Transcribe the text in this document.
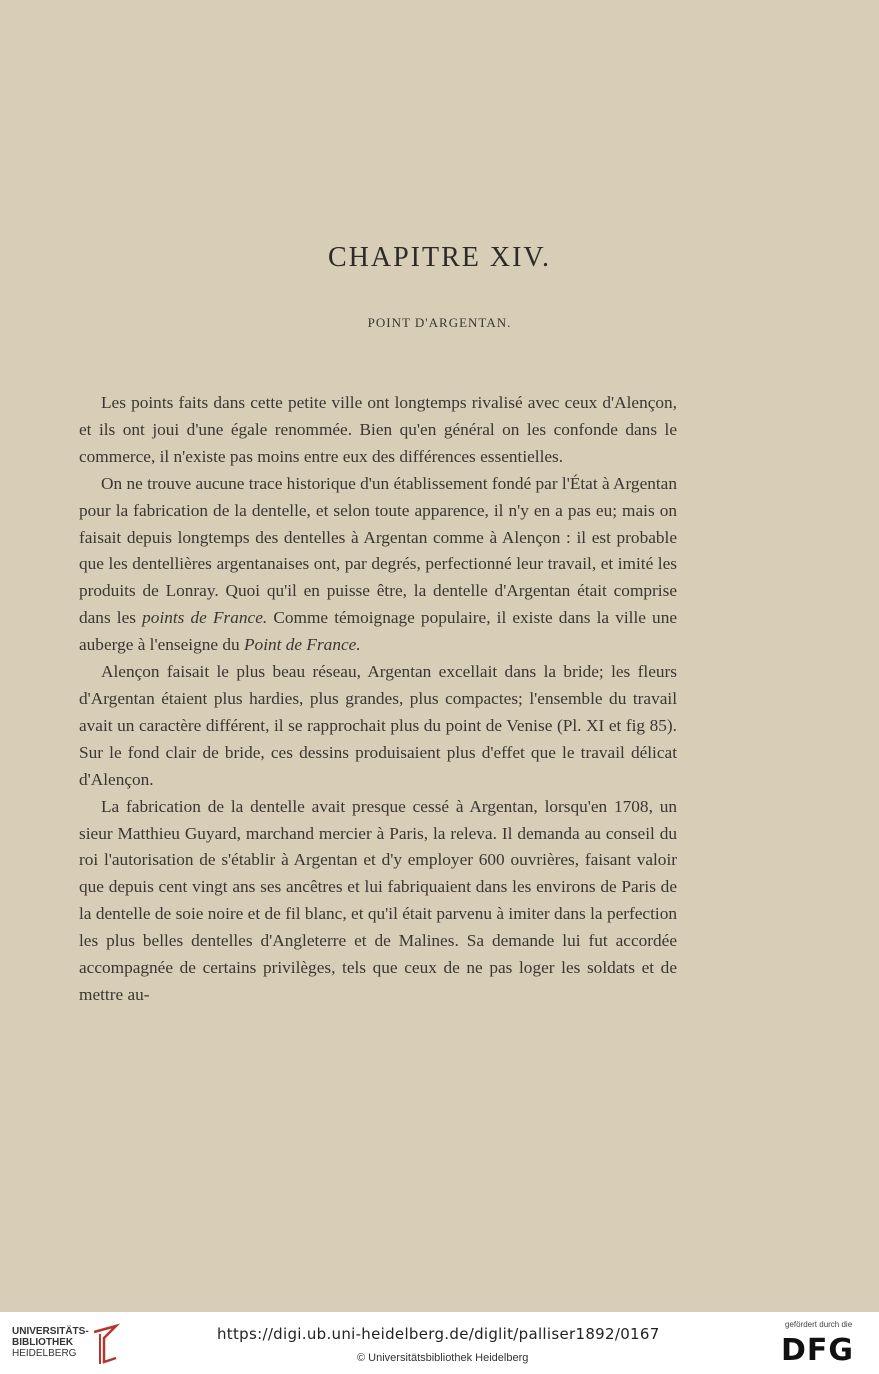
CHAPITRE XIV.
POINT D'ARGENTAN.

Les points faits dans cette petite ville ont longtemps rivalisé avec ceux d'Alençon, et ils ont joui d'une égale renommée. Bien qu'en général on les confonde dans le commerce, il n'existe pas moins entre eux des différences essentielles.

On ne trouve aucune trace historique d'un établissement fondé par l'État à Argentan pour la fabrication de la dentelle, et selon toute apparence, il n'y en a pas eu; mais on faisait depuis longtemps des dentelles à Argentan comme à Alençon : il est probable que les dentellières argentanaises ont, par degrés, perfectionné leur travail, et imité les produits de Lonray. Quoi qu'il en puisse être, la dentelle d'Argentan était comprise dans les points de France. Comme témoignage populaire, il existe dans la ville une auberge à l'enseigne du Point de France.

Alençon faisait le plus beau réseau, Argentan excellait dans la bride; les fleurs d'Argentan étaient plus hardies, plus grandes, plus compactes; l'ensemble du travail avait un caractère différent, il se rapprochait plus du point de Venise (Pl. XI et fig 85). Sur le fond clair de bride, ces dessins produisaient plus d'effet que le travail délicat d'Alençon.

La fabrication de la dentelle avait presque cessé à Argentan, lorsqu'en 1708, un sieur Matthieu Guyard, marchand mercier à Paris, la releva. Il demanda au conseil du roi l'autorisation de s'établir à Argentan et d'y employer 600 ouvrières, faisant valoir que depuis cent vingt ans ses ancêtres et lui fabriquaient dans les environs de Paris de la dentelle de soie noire et de fil blanc, et qu'il était parvenu à imiter dans la perfection les plus belles dentelles d'Angleterre et de Malines. Sa demande lui fut accordée accompagnée de certains privilèges, tels que ceux de ne pas loger les soldats et de mettre au-

UNIVERSITÄTS-
BIBLIOTHEK
HEIDELBERG
https://digi.ub.uni-heidelberg.de/diglit/palliser1892/0167
© Universitätsbibliothek Heidelberg
gefördert durch die
DFG
